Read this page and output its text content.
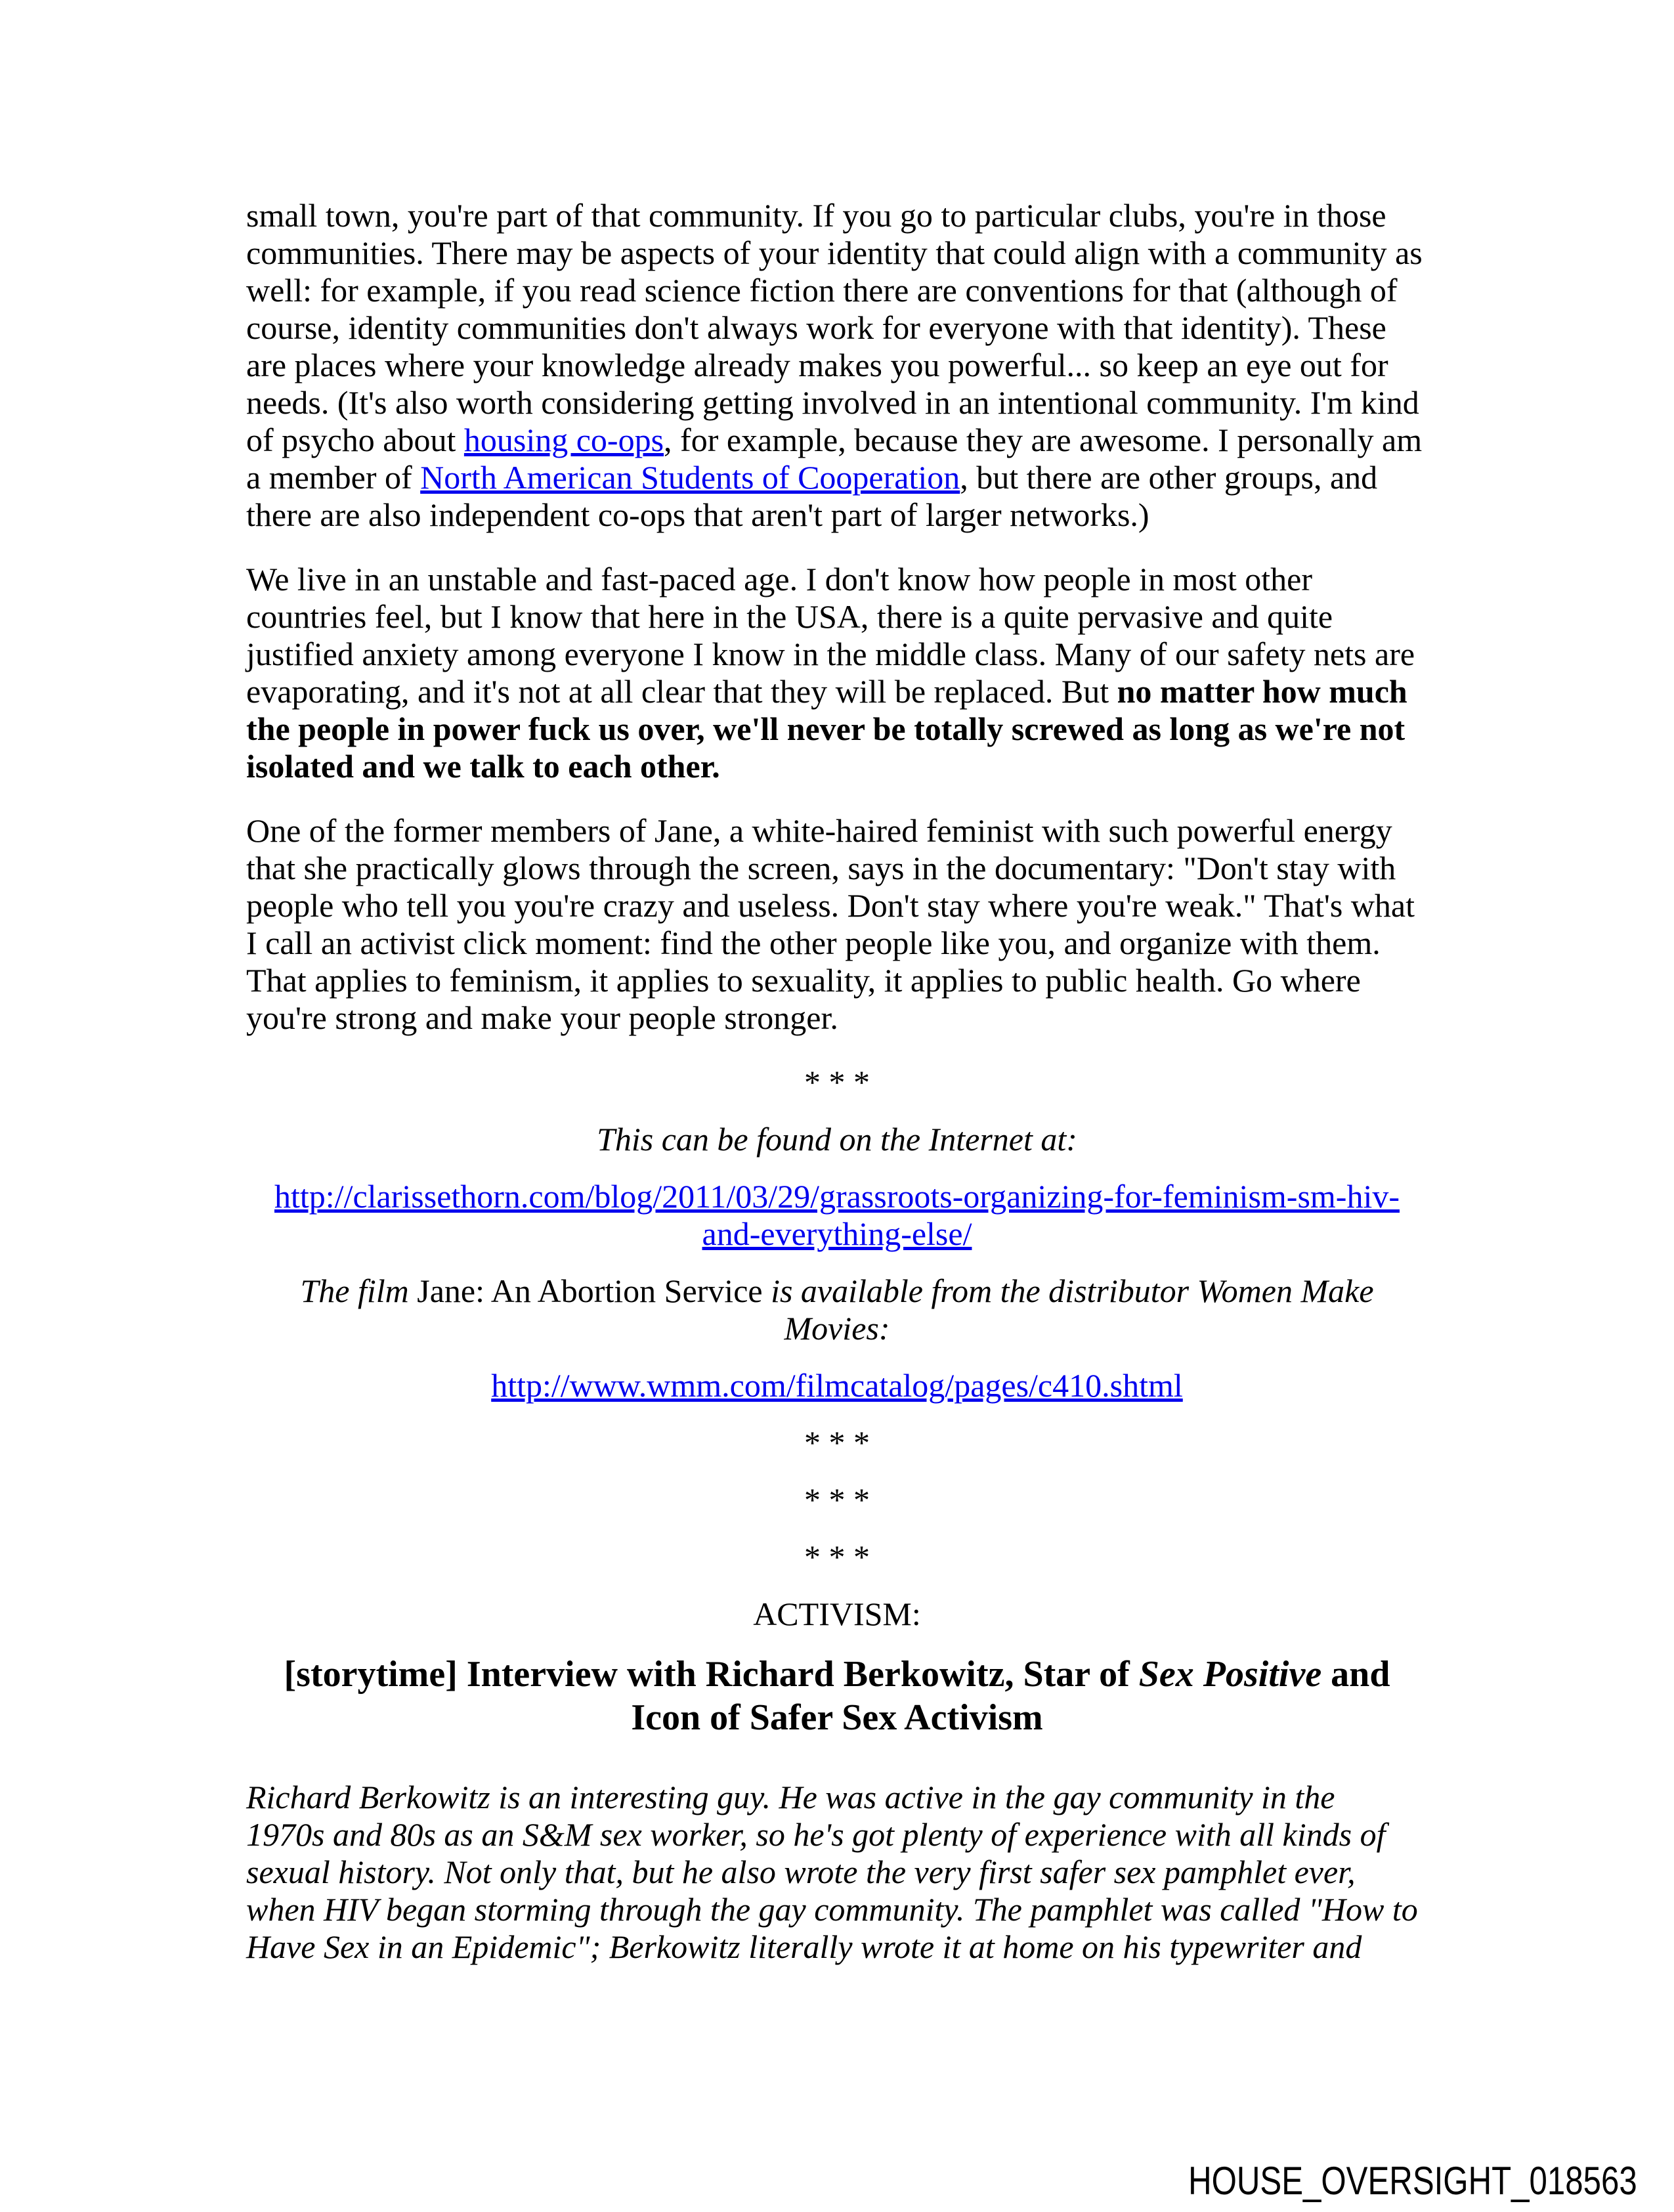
small town, you're part of that community. If you go to particular clubs, you're in those
communities. There may be aspects of your identity that could align with a community as
well: for example, if you read science fiction there are conventions for that (although of
course, identity communities don't always work for everyone with that identity). These
are places where your knowledge already makes you powerful... so keep an eye out for
needs. (It's also worth considering getting involved in an intentional community. I'm kind
of psycho about housing co-ops, for example, because they are awesome. I personally am
a member of North American Students of Cooperation, but there are other groups, and
there are also independent co-ops that aren't part of larger networks.)
We live in an unstable and fast-paced age. I don't know how people in most other
countries feel, but I know that here in the USA, there is a quite pervasive and quite
justified anxiety among everyone I know in the middle class. Many of our safety nets are
evaporating, and it's not at all clear that they will be replaced. But no matter how much
the people in power fuck us over, we'll never be totally screwed as long as we're not
isolated and we talk to each other.
One of the former members of Jane, a white-haired feminist with such powerful energy
that she practically glows through the screen, says in the documentary: "Don't stay with
people who tell you you're crazy and useless. Don't stay where you're weak." That's what
I call an activist click moment: find the other people like you, and organize with them.
That applies to feminism, it applies to sexuality, it applies to public health. Go where
you're strong and make your people stronger.
* * *
This can be found on the Internet at:
http://clarissethorn.com/blog/2011/03/29/grassroots-organizing-for-feminism-sm-hiv-
and-everything-else/
The film Jane: An Abortion Service is available from the distributor Women Make
Movies:
http://www.wmm.com/filmcatalog/pages/c410.shtml
* * *
* * *
* * *
ACTIVISM:
[storytime] Interview with Richard Berkowitz, Star of Sex Positive and
Icon of Safer Sex Activism
Richard Berkowitz is an interesting guy. He was active in the gay community in the
1970s and 80s as an S&M sex worker, so he's got plenty of experience with all kinds of
sexual history. Not only that, but he also wrote the very first safer sex pamphlet ever,
when HIV began storming through the gay community. The pamphlet was called "How to
Have Sex in an Epidemic"; Berkowitz literally wrote it at home on his typewriter and
HOUSE_OVERSIGHT_018563
